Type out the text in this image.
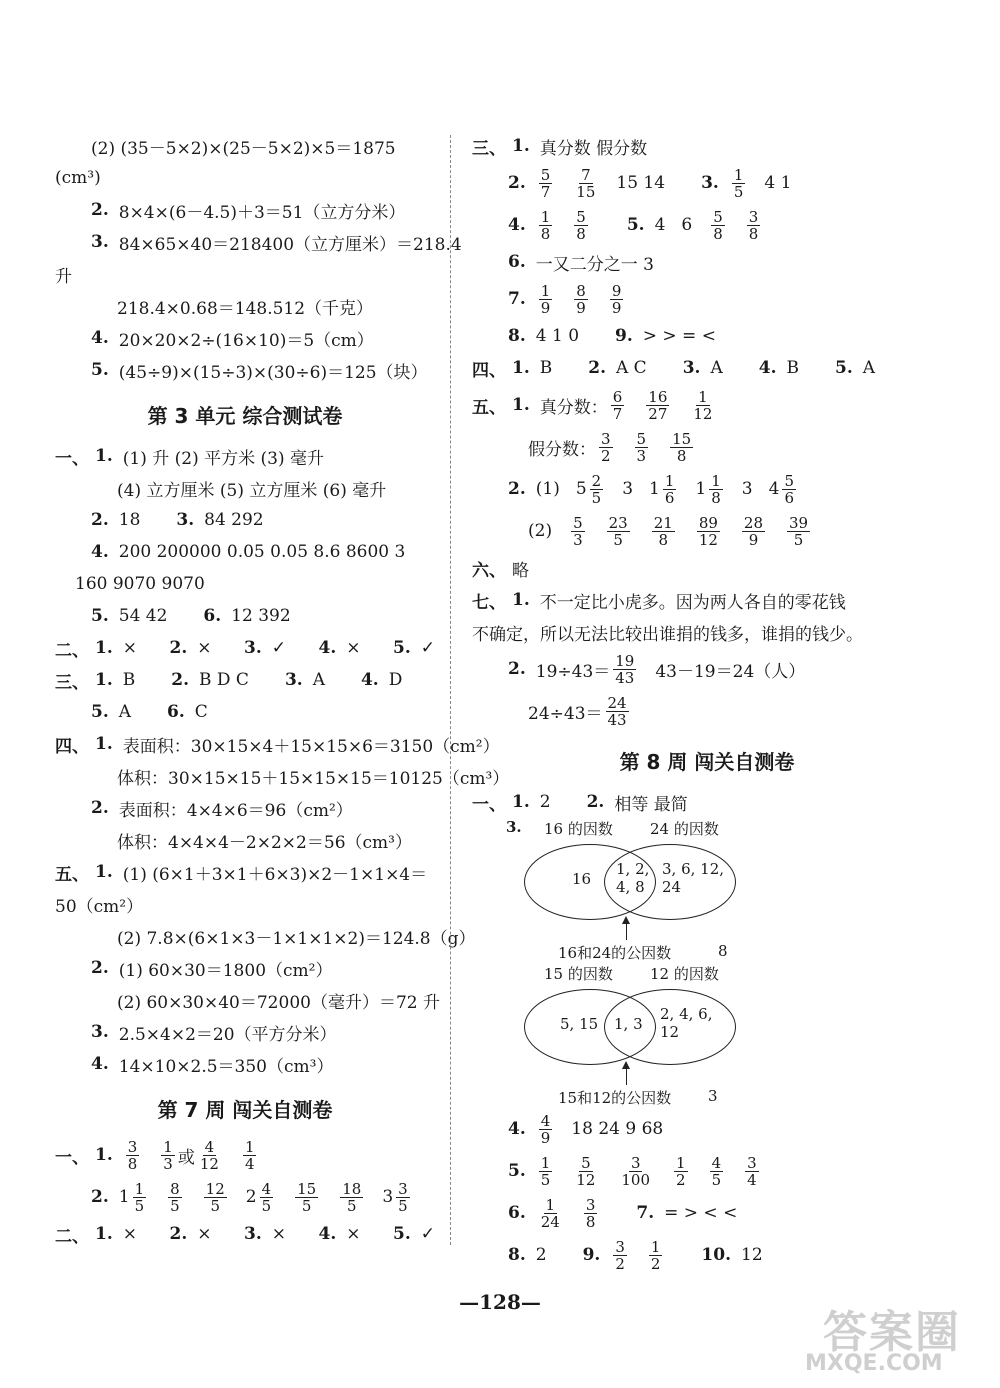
(2) (35－5×2)×(25－5×2)×5＝1875
(cm³)
2. 8×4×(6－4.5)＋3＝51（立方分米）
3. 84×65×40＝218400（立方厘米）＝218.4
升
218.4×0.68＝148.512（千克）
4. 20×20×2÷(16×10)＝5（cm）
5. (45÷9)×(15÷3)×(30÷6)＝125（块）
第 3 单元 综合测试卷
一、 1. (1) 升 (2) 平方米 (3) 毫升
(4) 立方厘米 (5) 立方厘米 (6) 毫升
2. 18 3. 84 292
4. 200 200000 0.05 0.05 8.6 8600 3
160 9070 9070
5. 54 42 6. 12 392
二、 1. × 2. × 3. ✓ 4. × 5. ✓
三、 1. B 2. B D C 3. A 4. D
5. A 6. C
四、 1. 表面积：30×15×4＋15×15×6＝3150（cm²）
体积：30×15×15＋15×15×15＝10125（cm³）
2. 表面积：4×4×6＝96（cm²）
体积：4×4×4－2×2×2＝56（cm³）
五、 1. (1) (6×1＋3×1＋6×3)×2－1×1×4＝
50（cm²）
(2) 7.8×(6×1×3－1×1×1×2)＝124.8（g）
2. (1) 60×30＝1800（cm²）
(2) 60×30×40＝72000（毫升）＝72 升
3. 2.5×4×2＝20（平方分米）
4. 14×10×2.5＝350（cm³）
第 7 周 闯关自测卷
一、 1. $\frac{3}{8} \frac{1}{3}$ 或 $\frac{4}{12} \frac{1}{4}$
2. $1 \frac{1}{5} \frac{8}{5} \frac{12}{5} 2 \frac{4}{5} \frac{15}{5} \frac{18}{5} 3 \frac{3}{5}$
二、 1. × 2. × 3. × 4. × 5. ✓
三、 1. 真分数 假分数
2. $\frac{5}{7} \frac{7}{15} 15$ 14 3. $\frac{1}{5} 4$ 1
4. $\frac{1}{8} \frac{5}{8} 5$. 4 $6 \frac{5}{8} \frac{3}{8}$
6. 一又二分之一 3
7. $\frac{1}{9} \frac{8}{9} \frac{9}{9}$
8. 4 1 0 9. > > = <
四、 1. B 2. A C 3. A 4. B 5. A
五、 1. 真分数： $\frac{6}{7} \frac{16}{27} \frac{1}{12}$
假分数： $\frac{3}{2} \frac{5}{3} \frac{15}{8}$
2. (1) $5 \frac{2}{5} 3$ $1 \frac{1}{6} 1 \frac{1}{8} 3$ $4 \frac{5}{6}$
$(2) \frac{5}{3} \frac{23}{5} \frac{21}{8} \frac{89}{12} \frac{28}{9} \frac{39}{5}$
六、 略
七、 1. 不一定比小虎多。因为两人各自的零花钱
不确定，所以无法比较出谁捐的钱多，谁捐的钱少。
2. $19\div 43= \frac{19}{43} 43-19=24$（人）
$24\div 43= \frac{24}{43}$
第 8 周 闯关自测卷
一、 1. 2 2. 相等 最简
3. 16 的因数 24 的因数
16
1, 2,
4, 8
3, 6, 12,
24
16和24的公因数	8
15 的因数 12 的因数
5, 15 1, 3
2, 4, 6,
12
15和12的公因数 3
4. $\frac{4}{9} 18$ 24 9 68
5. $\frac{1}{5} \frac{5}{12} \frac{3}{100} \frac{1}{2} \frac{4}{5} \frac{3}{4}$
6. $\frac{1}{24} \frac{3}{8} 7$. = > < <
8. 2 9. $\frac{3}{2} \frac{1}{2} 10$. 12
—128—
答案圈
MXQE.COM
